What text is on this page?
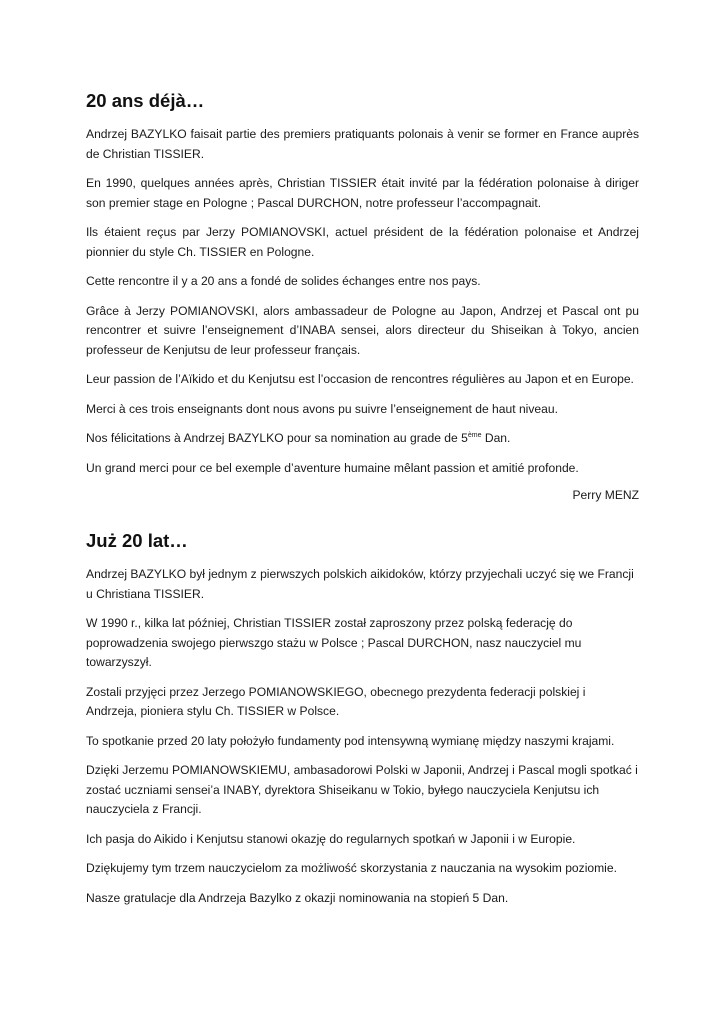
20 ans déjà…

Andrzej BAZYLKO faisait partie des premiers pratiquants polonais à venir se former en France auprès de Christian TISSIER.

En 1990, quelques années après, Christian TISSIER était invité par la fédération polonaise à diriger son premier stage en Pologne ; Pascal DURCHON, notre professeur l’accompagnait.

Ils étaient reçus par Jerzy POMIANOVSKI, actuel président de la fédération polonaise et Andrzej pionnier du style Ch. TISSIER en Pologne.

Cette rencontre il y a 20 ans a fondé de solides échanges entre nos pays.

Grâce à Jerzy POMIANOVSKI, alors ambassadeur de Pologne au Japon, Andrzej et Pascal ont pu rencontrer et suivre l’enseignement d’INABA sensei, alors directeur du Shiseikan à Tokyo, ancien professeur de Kenjutsu de leur professeur français.

Leur passion de l’Aïkido et du Kenjutsu est l’occasion de rencontres régulières au Japon et en Europe.

Merci à ces trois enseignants dont nous avons pu suivre l’enseignement de haut niveau.

Nos félicitations à Andrzej BAZYLKO pour sa nomination au grade de 5ème Dan.

Un grand merci pour ce bel exemple d’aventure humaine mêlant passion et amitié profonde.

Perry MENZ

Już 20 lat…

Andrzej BAZYLKO był jednym z pierwszych polskich aikidoków, którzy przyjechali uczyć się we Francji u Christiana TISSIER.

W 1990 r., kilka lat później, Christian TISSIER został zaproszony przez polską federację do poprowadzenia swojego pierwszgo stażu w Polsce ; Pascal DURCHON, nasz nauczyciel mu towarzyszył.

Zostali przyjęci przez Jerzego POMIANOWSKIEGO, obecnego prezydenta federacji polskiej i Andrzeja, pioniera stylu Ch. TISSIER w Polsce.

To spotkanie przed 20 laty położyło fundamenty pod intensywną wymianę między naszymi krajami.

Dzięki Jerzemu POMIANOWSKIEMU, ambasadorowi Polski w Japonii, Andrzej i Pascal mogli spotkać i zostać uczniami sensei’a INABY, dyrektora Shiseikanu w Tokio, byłego nauczyciela Kenjutsu ich nauczyciela z Francji.

Ich pasja do Aikido i Kenjutsu stanowi okazję do regularnych spotkań w Japonii i w Europie.

Dziękujemy tym trzem nauczycielom za możliwość skorzystania z nauczania na wysokim poziomie.

Nasze gratulacje dla Andrzeja Bazylko z okazji nominowania na stopień 5 Dan.
